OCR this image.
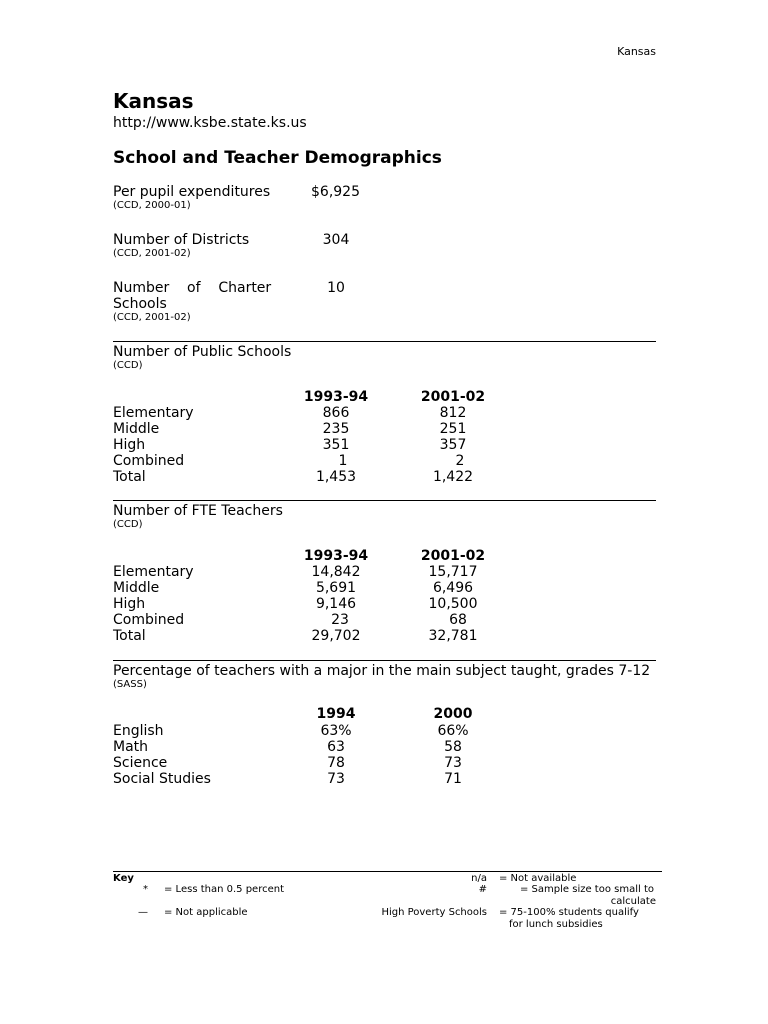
Kansas
Kansas
http://www.ksbe.state.ks.us
School and Teacher Demographics
Per pupil expenditures	$6,925
(CCD, 2000-01)
Number of Districts	304
(CCD, 2001-02)
Number    of    Charter
Schools
10
(CCD, 2001-02)
Number of Public Schools
(CCD)
1993-94	2001-02
Elementary	866	812
Middle	235	251
High	351	357
Combined	1	2
Total	1,453	1,422
Number of FTE Teachers
(CCD)
1993-94	2001-02
Elementary	14,842	15,717
Middle	5,691	6,496
High	9,146	10,500
Combined	23	68
Total	29,702	32,781
Percentage of teachers with a major in the main subject taught, grades 7-12
(SASS)
1994	2000
English	63%	66%
Math	63	58
Science	78	73
Social Studies	73	71
Key
* = Less than 0.5 percent
— = Not applicable
n/a = Not available
#	= Sample size too small to
calculate
High Poverty Schools = 75-100% students qualify
for lunch subsidies
